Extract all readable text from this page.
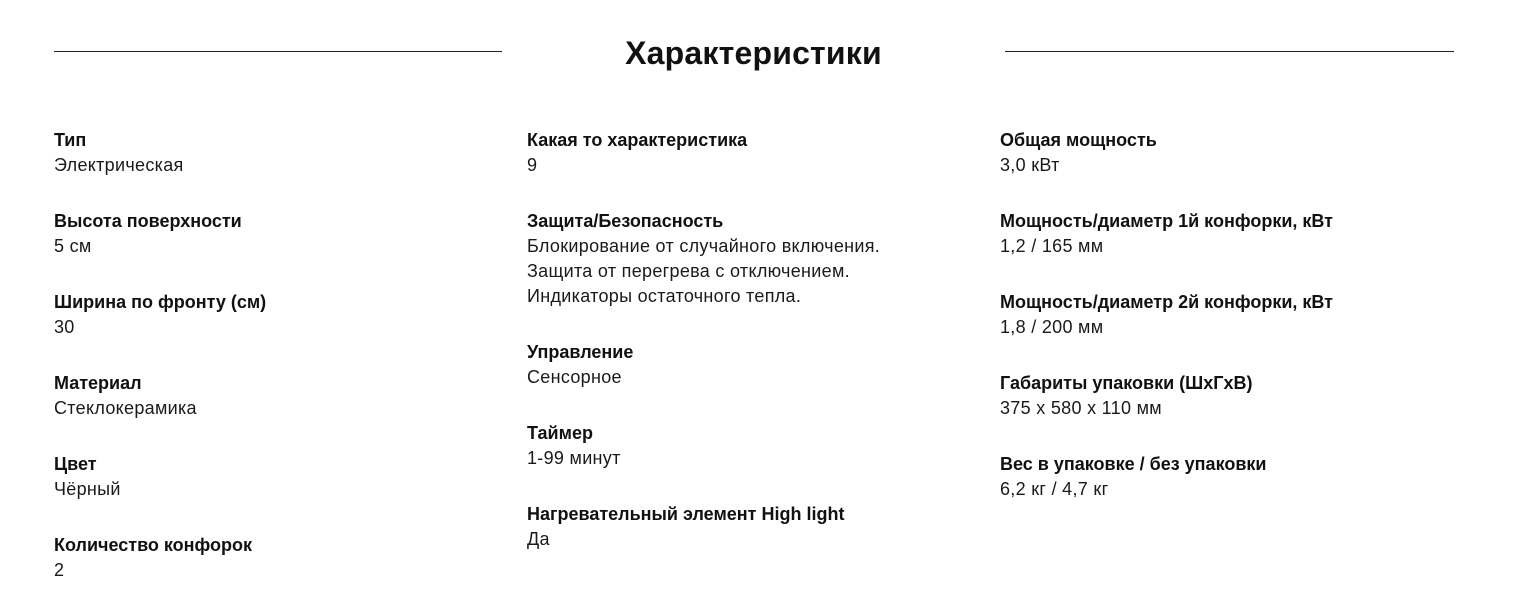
Характеристики
Тип
Электрическая
Высота поверхности
5 см
Ширина по фронту (см)
30
Материал
Стеклокерамика
Цвет
Чёрный
Количество конфорок
2
Какая то характеристика
9
Защита/Безопасность
Блокирование от случайного включения.
Защита от перегрева с отключением.
Индикаторы остаточного тепла.
Управление
Сенсорное
Таймер
1-99 минут
Нагревательный элемент High light
Да
Общая мощность
3,0 кВт
Мощность/диаметр 1й конфорки, кВт
1,2 / 165 мм
Мощность/диаметр 2й конфорки, кВт
1,8 / 200 мм
Габариты упаковки (ШхГхВ)
375 х 580 х 110 мм
Вес в упаковке / без упаковки
6,2 кг / 4,7 кг
